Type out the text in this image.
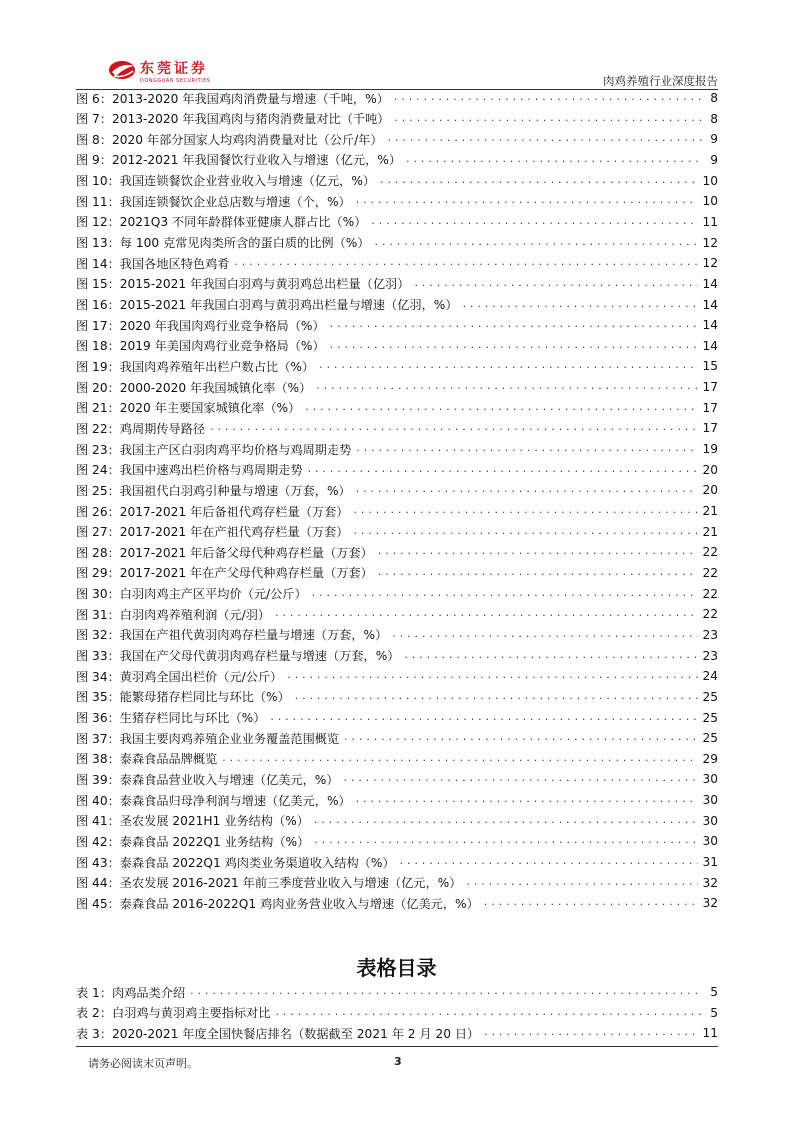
东莞证券
DONGGUAN SECURITIES	肉鸡养殖行业深度报告
图 6：2013-2020 年我国鸡肉消费量与增速（千吨，%） .....	8
图 7：2013-2020 年我国鸡肉与猪肉消费量对比（千吨） .....	8
图 8：2020 年部分国家人均鸡肉消费量对比（公斤/年） .....	9
图 9：2012-2021 年我国餐饮行业收入与增速（亿元，%） .....	9
图 10：我国连锁餐饮企业营业收入与增速（亿元，%） .....	10
图 11：我国连锁餐饮企业总店数与增速（个，%） .....	10
图 12：2021Q3 不同年龄群体亚健康人群占比（%） .....	11
图 13：每 100 克常见肉类所含的蛋白质的比例（%） .....	12
图 14：我国各地区特色鸡肴 .....	12
图 15：2015-2021 年我国白羽鸡与黄羽鸡总出栏量（亿羽） .....	14
图 16：2015-2021 年我国白羽鸡与黄羽鸡出栏量与增速（亿羽，%） .....	14
图 17：2020 年我国肉鸡行业竞争格局（%） .....	14
图 18：2019 年美国肉鸡行业竞争格局（%） .....	14
图 19：我国肉鸡养殖年出栏户数占比（%） .....	15
图 20：2000-2020 年我国城镇化率（%） .....	17
图 21：2020 年主要国家城镇化率（%） .....	17
图 22：鸡周期传导路径 .....	17
图 23：我国主产区白羽肉鸡平均价格与鸡周期走势 .....	19
图 24：我国中速鸡出栏价格与鸡周期走势 .....	20
图 25：我国祖代白羽鸡引种量与增速（万套，%） .....	20
图 26：2017-2021 年后备祖代鸡存栏量（万套） .....	21
图 27：2017-2021 年在产祖代鸡存栏量（万套） .....	21
图 28：2017-2021 年后备父母代种鸡存栏量（万套） .....	22
图 29：2017-2021 年在产父母代种鸡存栏量（万套） .....	22
图 30：白羽肉鸡主产区平均价（元/公斤） .....	22
图 31：白羽肉鸡养殖利润（元/羽） .....	22
图 32：我国在产祖代黄羽肉鸡存栏量与增速（万套，%） .....	23
图 33：我国在产父母代黄羽肉鸡存栏量与增速（万套，%） .....	23
图 34：黄羽鸡全国出栏价（元/公斤） .....	24
图 35：能繁母猪存栏同比与环比（%） .....	25
图 36：生猪存栏同比与环比（%） .....	25
图 37：我国主要肉鸡养殖企业业务覆盖范围概览 .....	25
图 38：泰森食品品牌概览 .....	29
图 39：泰森食品营业收入与增速（亿美元，%） .....	30
图 40：泰森食品归母净利润与增速（亿美元，%） .....	30
图 41：圣农发展 2021H1 业务结构（%） .....	30
图 42：泰森食品 2022Q1 业务结构（%） .....	30
图 43：泰森食品 2022Q1 鸡肉类业务渠道收入结构（%） .....	31
图 44：圣农发展 2016-2021 年前三季度营业收入与增速（亿元，%） .....	32
图 45：泰森食品 2016-2022Q1 鸡肉业务营业收入与增速（亿美元，%） .....	32
表格目录
表 1：肉鸡品类介绍 .....	5
表 2：白羽鸡与黄羽鸡主要指标对比 .....	5
表 3：2020-2021 年度全国快餐店排名（数据截至 2021 年 2 月 20 日） .....	11
请务必阅读末页声明。	3
